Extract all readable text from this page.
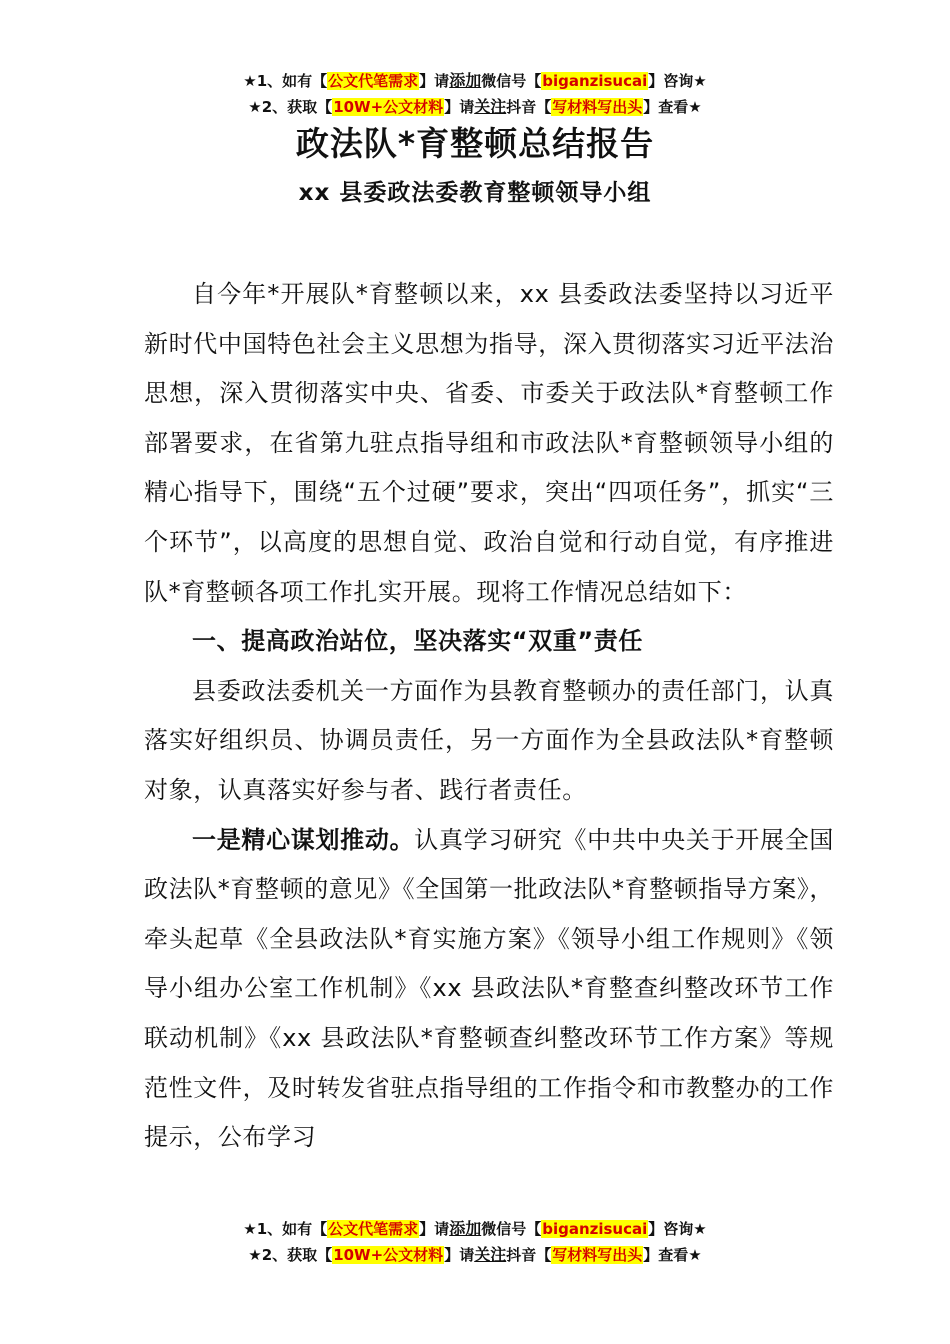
★1、如有【公文代笔需求】请添加微信号【biganzisucai】咨询★
★2、获取【10W+公文材料】请关注抖音【写材料写出头】查看★
政法队*育整顿总结报告
xx 县委政法委教育整顿领导小组

自今年*开展队*育整顿以来，xx 县委政法委坚持以习近平新时代中国特色社会主义思想为指导，深入贯彻落实习近平法治思想，深入贯彻落实中央、省委、市委关于政法队*育整顿工作部署要求，在省第九驻点指导组和市政法队*育整顿领导小组的精心指导下，围绕“五个过硬”要求，突出“四项任务”，抓实“三个环节”，以高度的思想自觉、政治自觉和行动自觉，有序推进队*育整顿各项工作扎实开展。现将工作情况总结如下：

一、提高政治站位，坚决落实“双重”责任

县委政法委机关一方面作为县教育整顿办的责任部门，认真落实好组织员、协调员责任，另一方面作为全县政法队*育整顿对象，认真落实好参与者、践行者责任。

一是精心谋划推动。认真学习研究《中共中央关于开展全国政法队*育整顿的意见》《全国第一批政法队*育整顿指导方案》，牵头起草《全县政法队*育实施方案》《领导小组工作规则》《领导小组办公室工作机制》《xx 县政法队*育整查纠整改环节工作联动机制》《xx 县政法队*育整顿查纠整改环节工作方案》等规范性文件，及时转发省驻点指导组的工作指令和市教整办的工作提示，公布学习

★1、如有【公文代笔需求】请添加微信号【biganzisucai】咨询★
★2、获取【10W+公文材料】请关注抖音【写材料写出头】查看★
